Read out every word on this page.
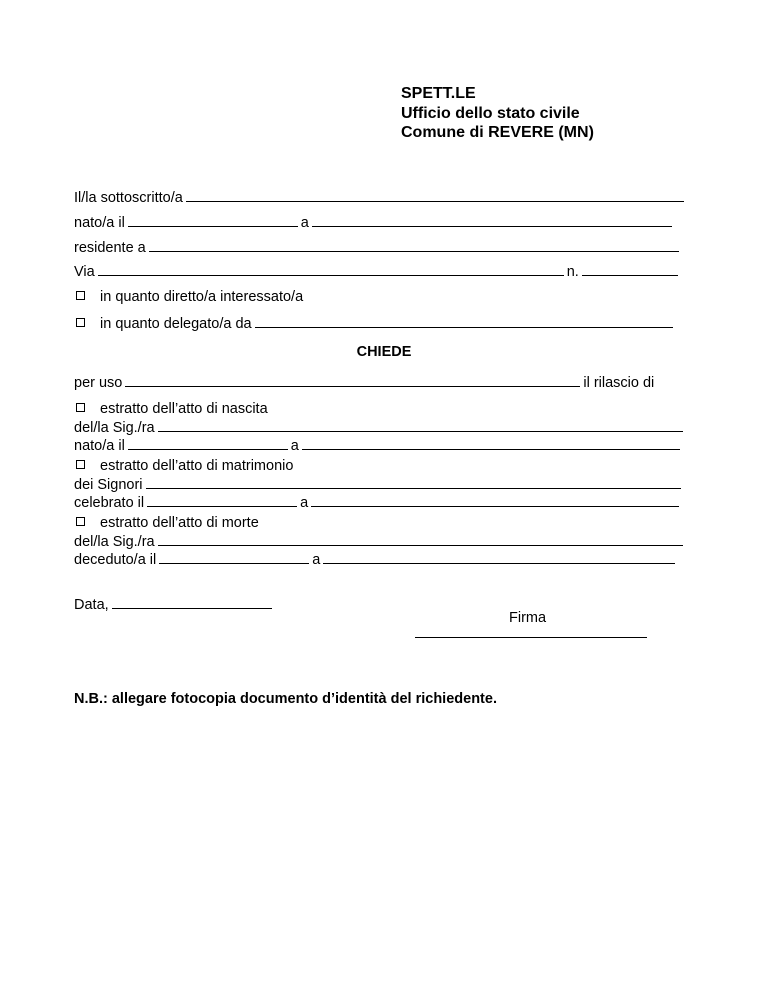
SPETT.LE
Ufficio dello stato civile
Comune di REVERE (MN)
Il/la sottoscritto/a
nato/a il	a
residente a
Via	n.
in quanto diretto/a interessato/a
in quanto delegato/a da
CHIEDE
per uso	il rilascio di
estratto dell’atto di nascita
del/la Sig./ra
nato/a il	a
estratto dell’atto di matrimonio
dei Signori
celebrato il	a
estratto dell’atto di morte
del/la Sig./ra
deceduto/a il	a
Data,
Firma
N.B.: allegare fotocopia documento d’identità del richiedente.
